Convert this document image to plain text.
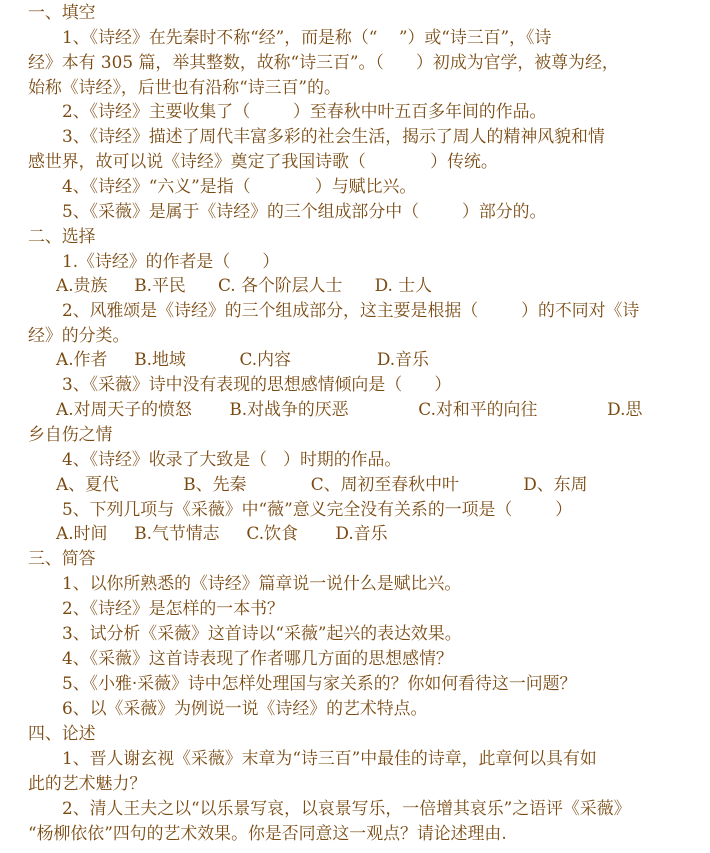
一、填空
1、《诗经》在先秦时不称“经”，而是称（“    ”）或“诗三百”，《诗
经》本有 305 篇，举其整数，故称“诗三百”。（      ）初成为官学，被尊为经，
始称《诗经》，后世也有沿称“诗三百”的。
2、《诗经》主要收集了（        ）至春秋中叶五百多年间的作品。
3、《诗经》描述了周代丰富多彩的社会生活，揭示了周人的精神风貌和情
感世界，故可以说《诗经》奠定了我国诗歌（            ）传统。
4、《诗经》“六义”是指（            ）与赋比兴。
5、《采薇》是属于《诗经》的三个组成部分中（        ）部分的。
二、选择
1.《诗经》的作者是（      ）
A.贵族     B.平民      C. 各个阶层人士      D. 士人
2、风雅颂是《诗经》的三个组成部分，这主要是根据（        ）的不同对《诗
经》的分类。
A.作者     B.地域          C.内容                D.音乐
3、《采薇》诗中没有表现的思想感情倾向是（      ）
A.对周天子的愤怒       B.对战争的厌恶             C.对和平的向往             D.思
乡自伤之情
4、《诗经》收录了大致是（   ）时期的作品。
A、夏代            B、先秦            C、周初至春秋中叶            D、东周
5、下列几项与《采薇》中“薇”意义完全没有关系的一项是（        ）
A.时间     B.气节情志     C.饮食       D.音乐
三、简答
1、以你所熟悉的《诗经》篇章说一说什么是赋比兴。
2、《诗经》是怎样的一本书？
3、试分析《采薇》这首诗以“采薇”起兴的表达效果。
4、《采薇》这首诗表现了作者哪几方面的思想感情？
5、《小雅·采薇》诗中怎样处理国与家关系的？你如何看待这一问题？
6、以《采薇》为例说一说《诗经》的艺术特点。
四、论述
1、晋人谢玄视《采薇》末章为“诗三百”中最佳的诗章，此章何以具有如
此的艺术魅力？
2、清人王夫之以“以乐景写哀，以哀景写乐，一倍增其哀乐”之语评《采薇》
“杨柳依依”四句的艺术效果。你是否同意这一观点？请论述理由.
